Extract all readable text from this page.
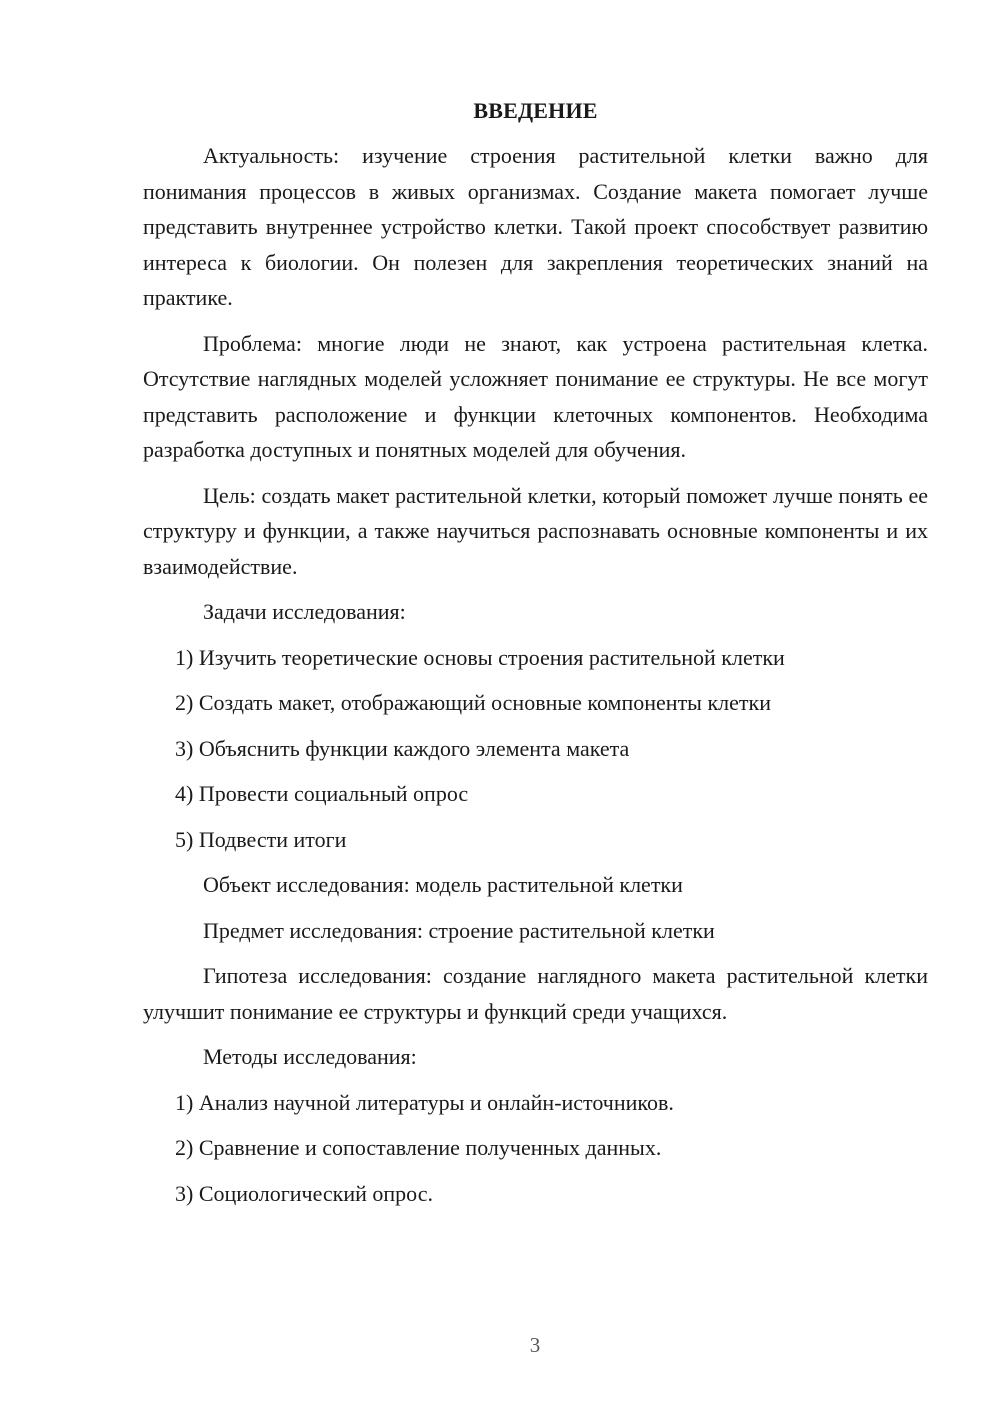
ВВЕДЕНИЕ

Актуальность: изучение строения растительной клетки важно для понимания процессов в живых организмах. Создание макета помогает лучше представить внутреннее устройство клетки. Такой проект способствует развитию интереса к биологии. Он полезен для закрепления теоретических знаний на практике.

Проблема: многие люди не знают, как устроена растительная клетка. Отсутствие наглядных моделей усложняет понимание ее структуры. Не все могут представить расположение и функции клеточных компонентов. Необходима разработка доступных и понятных моделей для обучения.

Цель: создать макет растительной клетки, который поможет лучше понять ее структуру и функции, а также научиться распознавать основные компоненты и их взаимодействие.

Задачи исследования:
1) Изучить теоретические основы строения растительной клетки
2) Создать макет, отображающий основные компоненты клетки
3) Объяснить функции каждого элемента макета
4) Провести социальный опрос
5) Подвести итоги
Объект исследования: модель растительной клетки
Предмет исследования: строение растительной клетки

Гипотеза исследования: создание наглядного макета растительной клетки улучшит понимание ее структуры и функций среди учащихся.

Методы исследования:
1) Анализ научной литературы и онлайн-источников.
2) Сравнение и сопоставление полученных данных.
3) Социологический опрос.
3
